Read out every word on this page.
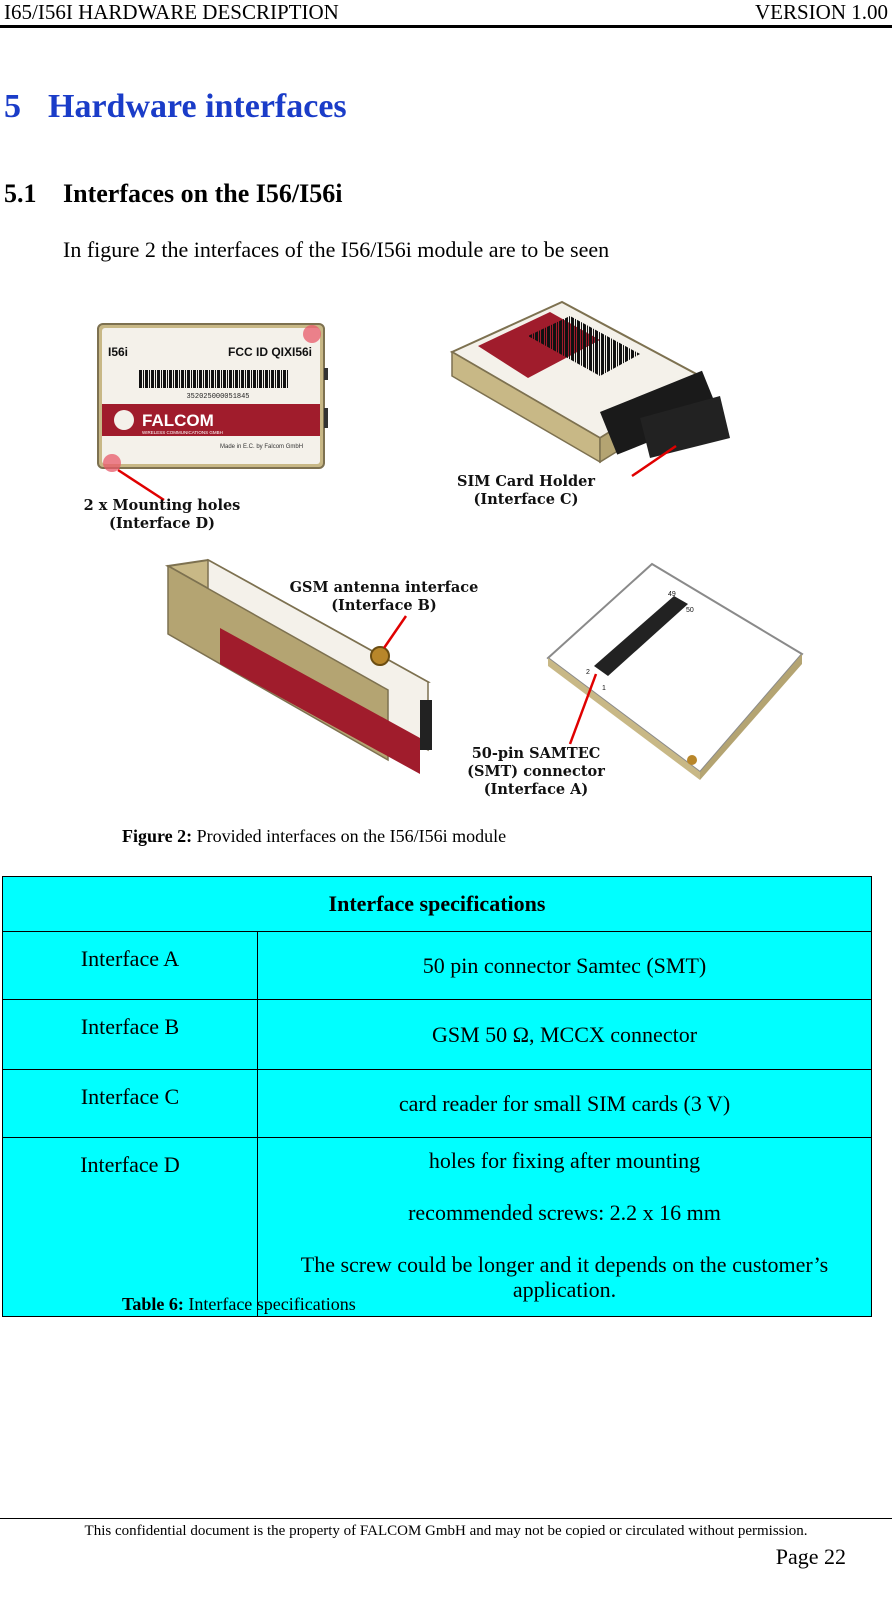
I65/I56I HARDWARE DESCRIPTION	VERSION 1.00
5 Hardware interfaces
5.1 Interfaces on the I56/I56i
In figure 2 the interfaces of the I56/I56i module are to be seen
I56i	FCC ID QIXI56i
352025000051845
FALCOM
WIRELESS COMMUNICATIONS GMBH
Made in E.C. by Falcom GmbH
2 x Mounting holes
(Interface D)
SIM Card Holder
(Interface C)
GSM antenna interface
(Interface B)
49
50
2
1
50-pin SAMTEC
(SMT) connector
(Interface A)
Figure 2: Provided interfaces on the I56/I56i module
Interface specifications	
Interface A	50 pin connector Samtec (SMT)

Interface B	GSM 50 Ω, MCCX connector

Interface C	card reader for small SIM cards (3 V)

Interface D	holes for fixing after mounting

recommended screws: 2.2 x 16 mm

The screw could be longer and it depends on the customer’s application.

Table 6: Interface specifications
This confidential document is the property of FALCOM GmbH and may not be copied or circulated without permission.
Page 22
